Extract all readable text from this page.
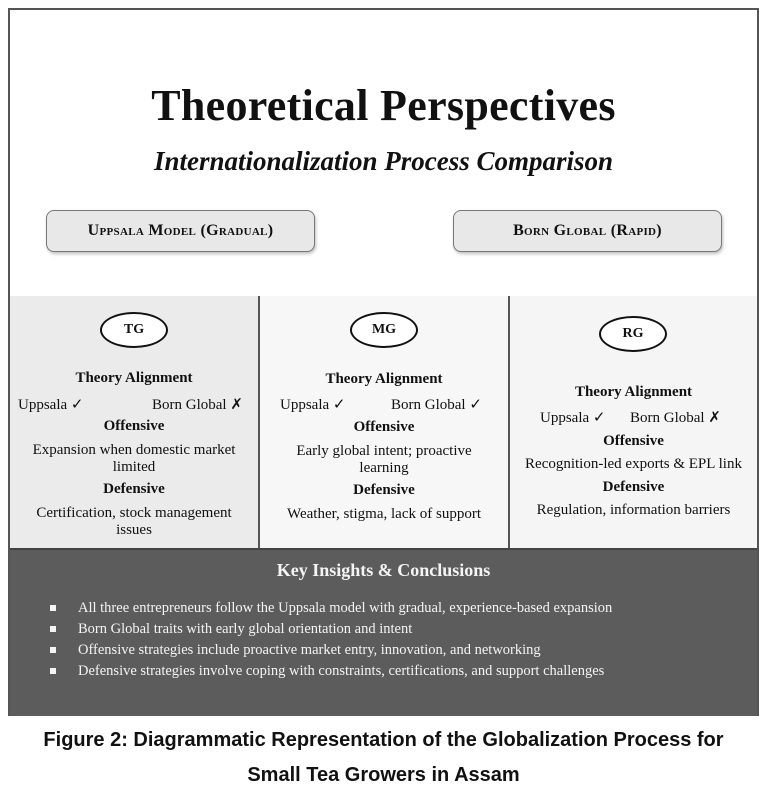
Theoretical Perspectives
Internationalization Process Comparison
Uppsala Model (Gradual)	Born Global (Rapid)
TG
Theory Alignment
Uppsala ✓	Born Global ✗
Offensive
Expansion when domestic market limited
Defensive
Certification, stock management issues
MG
Theory Alignment
Uppsala ✓	Born Global ✓
Offensive
Early global intent; proactive learning
Defensive
Weather, stigma, lack of support
RG
Theory Alignment
Uppsala ✓ Born Global ✗
Offensive
Recognition-led exports & EPL link
Defensive
Regulation, information barriers
Key Insights & Conclusions
All three entrepreneurs follow the Uppsala model with gradual, experience-based expansion
Born Global traits with early global orientation and intent
Offensive strategies include proactive market entry, innovation, and networking
Defensive strategies involve coping with constraints, certifications, and support challenges
Figure 2: Diagrammatic Representation of the Globalization Process for
Small Tea Growers in Assam
